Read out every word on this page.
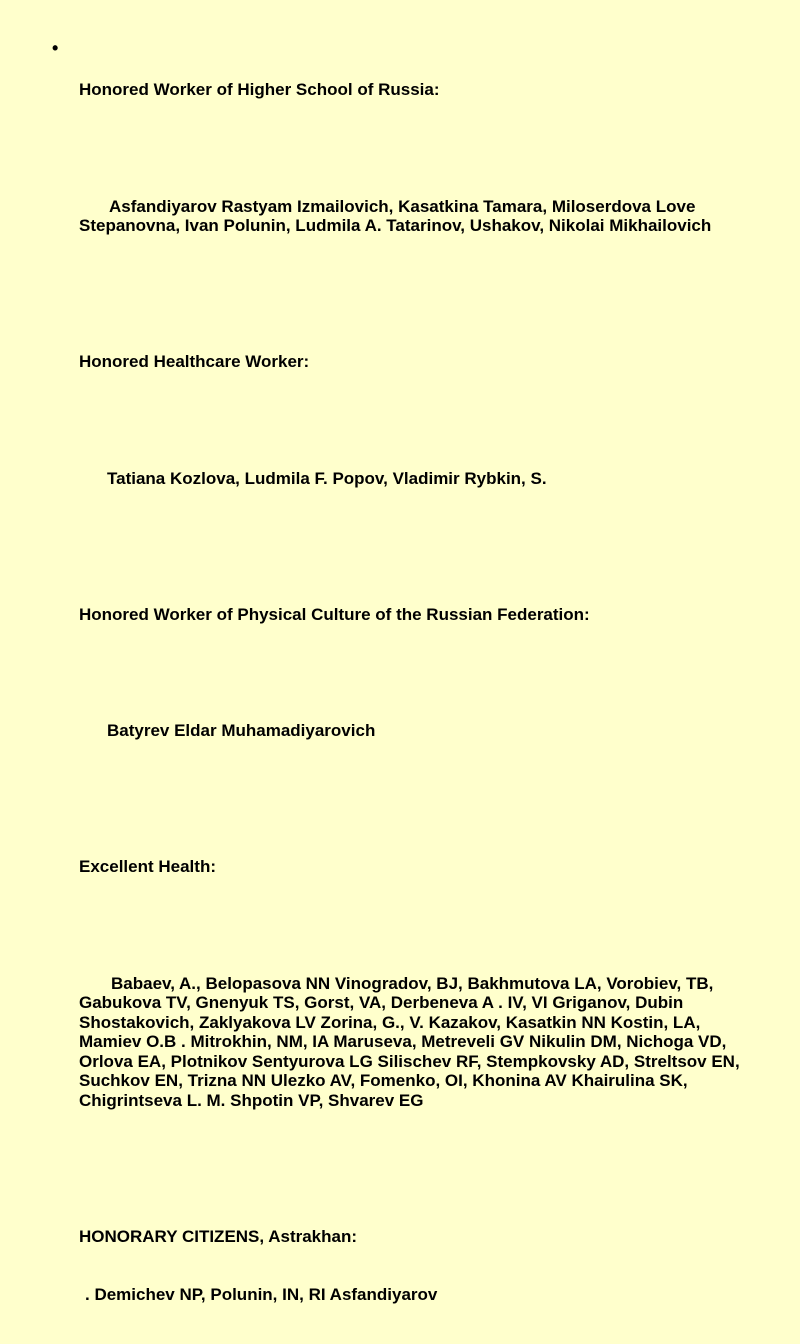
•

Honored Worker of Higher School of Russia:

Asfandiyarov Rastyam Izmailovich, Kasatkina Tamara, Miloserdova Love Stepanovna, Ivan Polunin, Ludmila A. Tatarinov, Ushakov, Nikolai Mikhailovich

Honored Healthcare Worker:

Tatiana Kozlova, Ludmila F. Popov, Vladimir Rybkin, S.

Honored Worker of Physical Culture of the Russian Federation:

Batyrev Eldar Muhamadiyarovich

Excellent Health:

Babaev, A., Belopasova NN Vinogradov, BJ, Bakhmutova LA, Vorobiev, TB, Gabukova TV, Gnenyuk TS, Gorst, VA, Derbeneva A . IV, VI Griganov, Dubin Shostakovich, Zaklyakova LV Zorina, G., V. Kazakov, Kasatkin NN Kostin, LA, Mamiev O.B . Mitrokhin, NM, IA Maruseva, Metreveli GV Nikulin DM, Nichoga VD, Orlova EA, Plotnikov Sentyurova LG Silischev RF, Stempkovsky AD, Streltsov EN, Suchkov EN, Trizna NN Ulezko AV, Fomenko, OI, Khonina AV Khairulina SK, Chigrintseva L. M. Shpotin VP, Shvarev EG

HONORARY CITIZENS, Astrakhan:

. Demichev NP, Polunin, IN, RI Asfandiyarov
